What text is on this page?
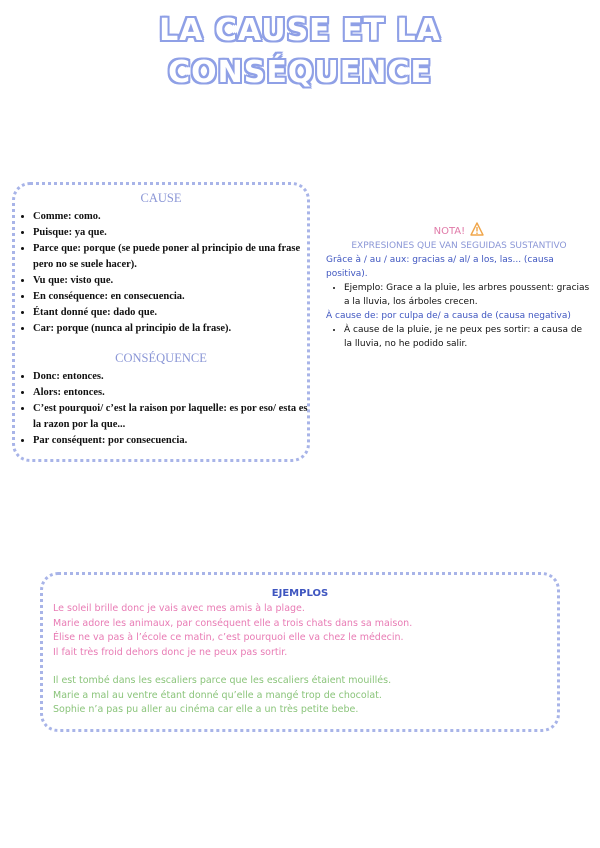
LA CAUSE ET LA
CONSÉQUENCE

CAUSE

• Comme: como.
• Puisque: ya que.
• Parce que: porque (se puede poner al principio de una frase pero no se suele hacer).
• Vu que: visto que.
• En conséquence: en consecuencia.
• Étant donné que: dado que.
• Car: porque (nunca al principio de la frase).

CONSÉQUENCE

• Donc: entonces.
• Alors: entonces.
• C’est pourquoi/ c’est la raison por laquelle: es por eso/ esta es la razon por la que...
• Par conséquent: por consecuencia.

NOTA!

EXPRESIONES QUE VAN SEGUIDAS SUSTANTIVO

Grâce à / au / aux: gracias a/ al/ a los, las... (causa positiva).

• Ejemplo: Grace a la pluie, les arbres poussent: gracias a la lluvia, los árboles crecen.

À cause de: por culpa de/ a causa de (causa negativa)

• À cause de la pluie, je ne peux pes sortir: a causa de la lluvia, no he podido salir.

EJEMPLOS

Le soleil brille donc je vais avec mes amis à la plage.
Marie adore les animaux, par conséquent elle a trois chats dans sa maison.
Élise ne va pas à l’école ce matin, c’est pourquoi elle va chez le médecin.
Il fait très froid dehors donc je ne peux pas sortir.
Il est tombé dans les escaliers parce que les escaliers étaient mouillés.
Marie a mal au ventre étant donné qu’elle a mangé trop de chocolat.
Sophie n’a pas pu aller au cinéma car elle a un très petite bebe.
